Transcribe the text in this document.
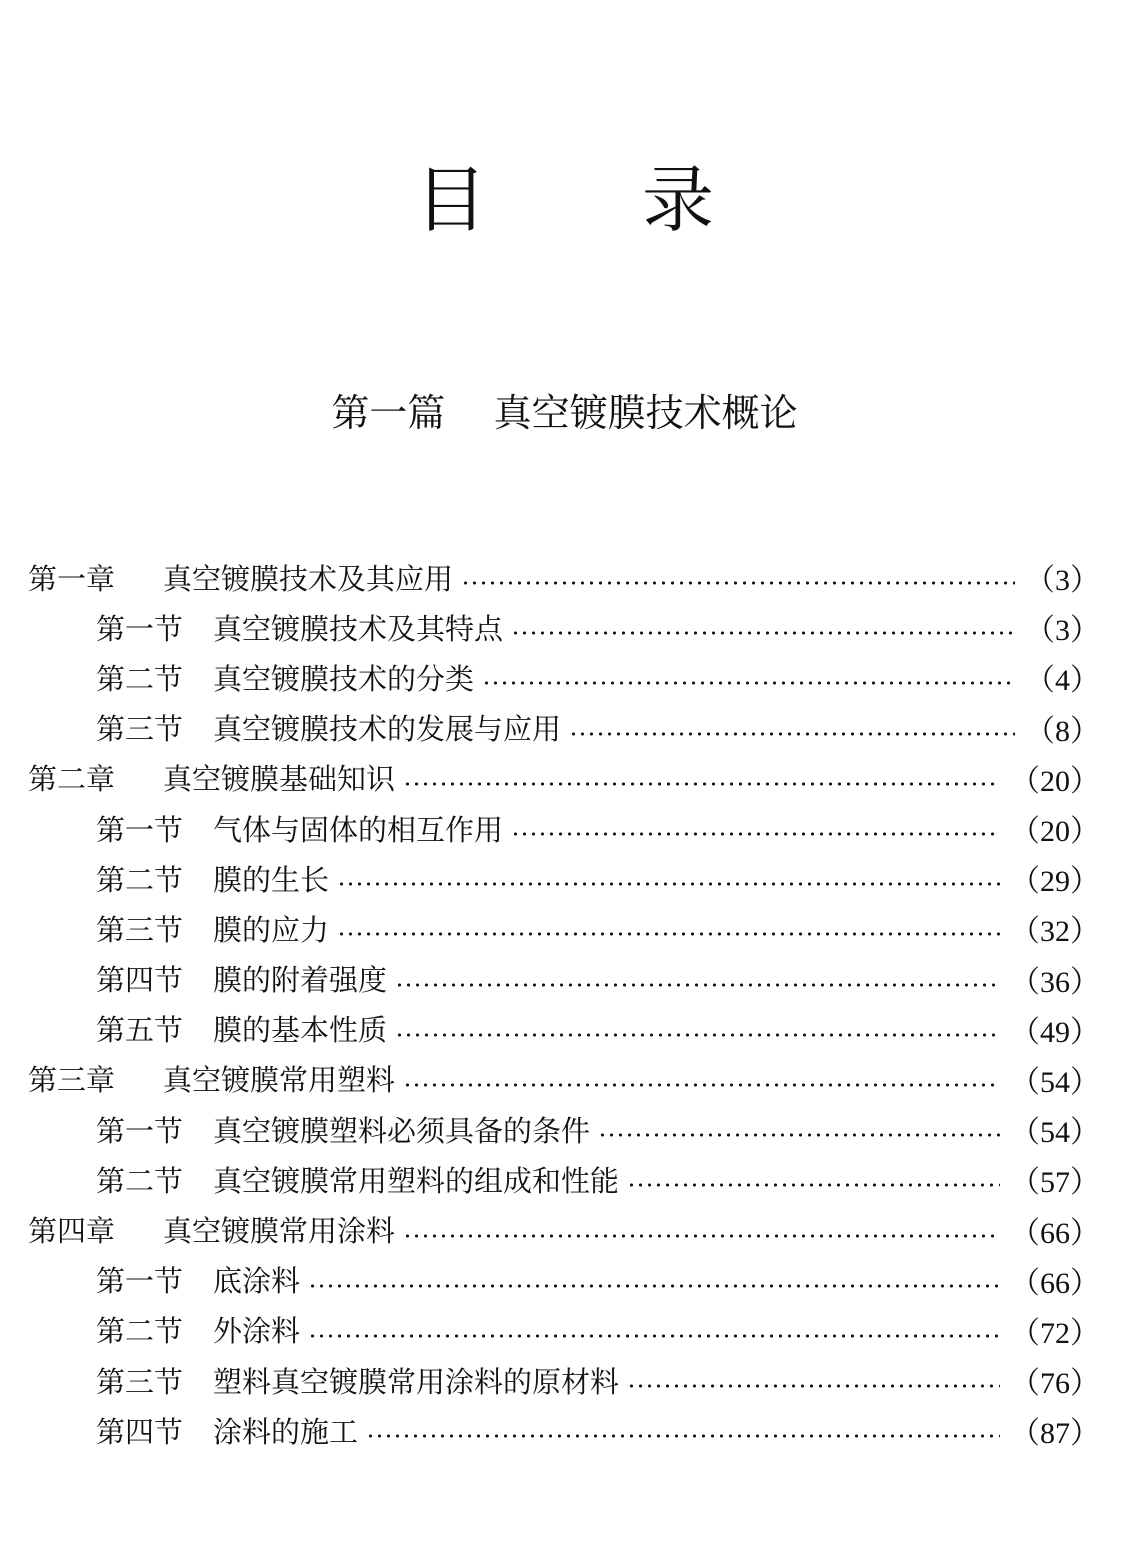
目 录
第一篇    真空镀膜技术概论
第一章	真空镀膜技术及其应用	（3）
第一节	真空镀膜技术及其特点	（3）
第二节	真空镀膜技术的分类	（4）
第三节	真空镀膜技术的发展与应用	（8）
第二章	真空镀膜基础知识	（20）
第一节	气体与固体的相互作用	（20）
第二节	膜的生长	（29）
第三节	膜的应力	（32）
第四节	膜的附着强度	（36）
第五节	膜的基本性质	（49）
第三章	真空镀膜常用塑料	（54）
第一节	真空镀膜塑料必须具备的条件	（54）
第二节	真空镀膜常用塑料的组成和性能	（57）
第四章	真空镀膜常用涂料	（66）
第一节	底涂料	（66）
第二节	外涂料	（72）
第三节	塑料真空镀膜常用涂料的原材料	（76）
第四节	涂料的施工	（87）
